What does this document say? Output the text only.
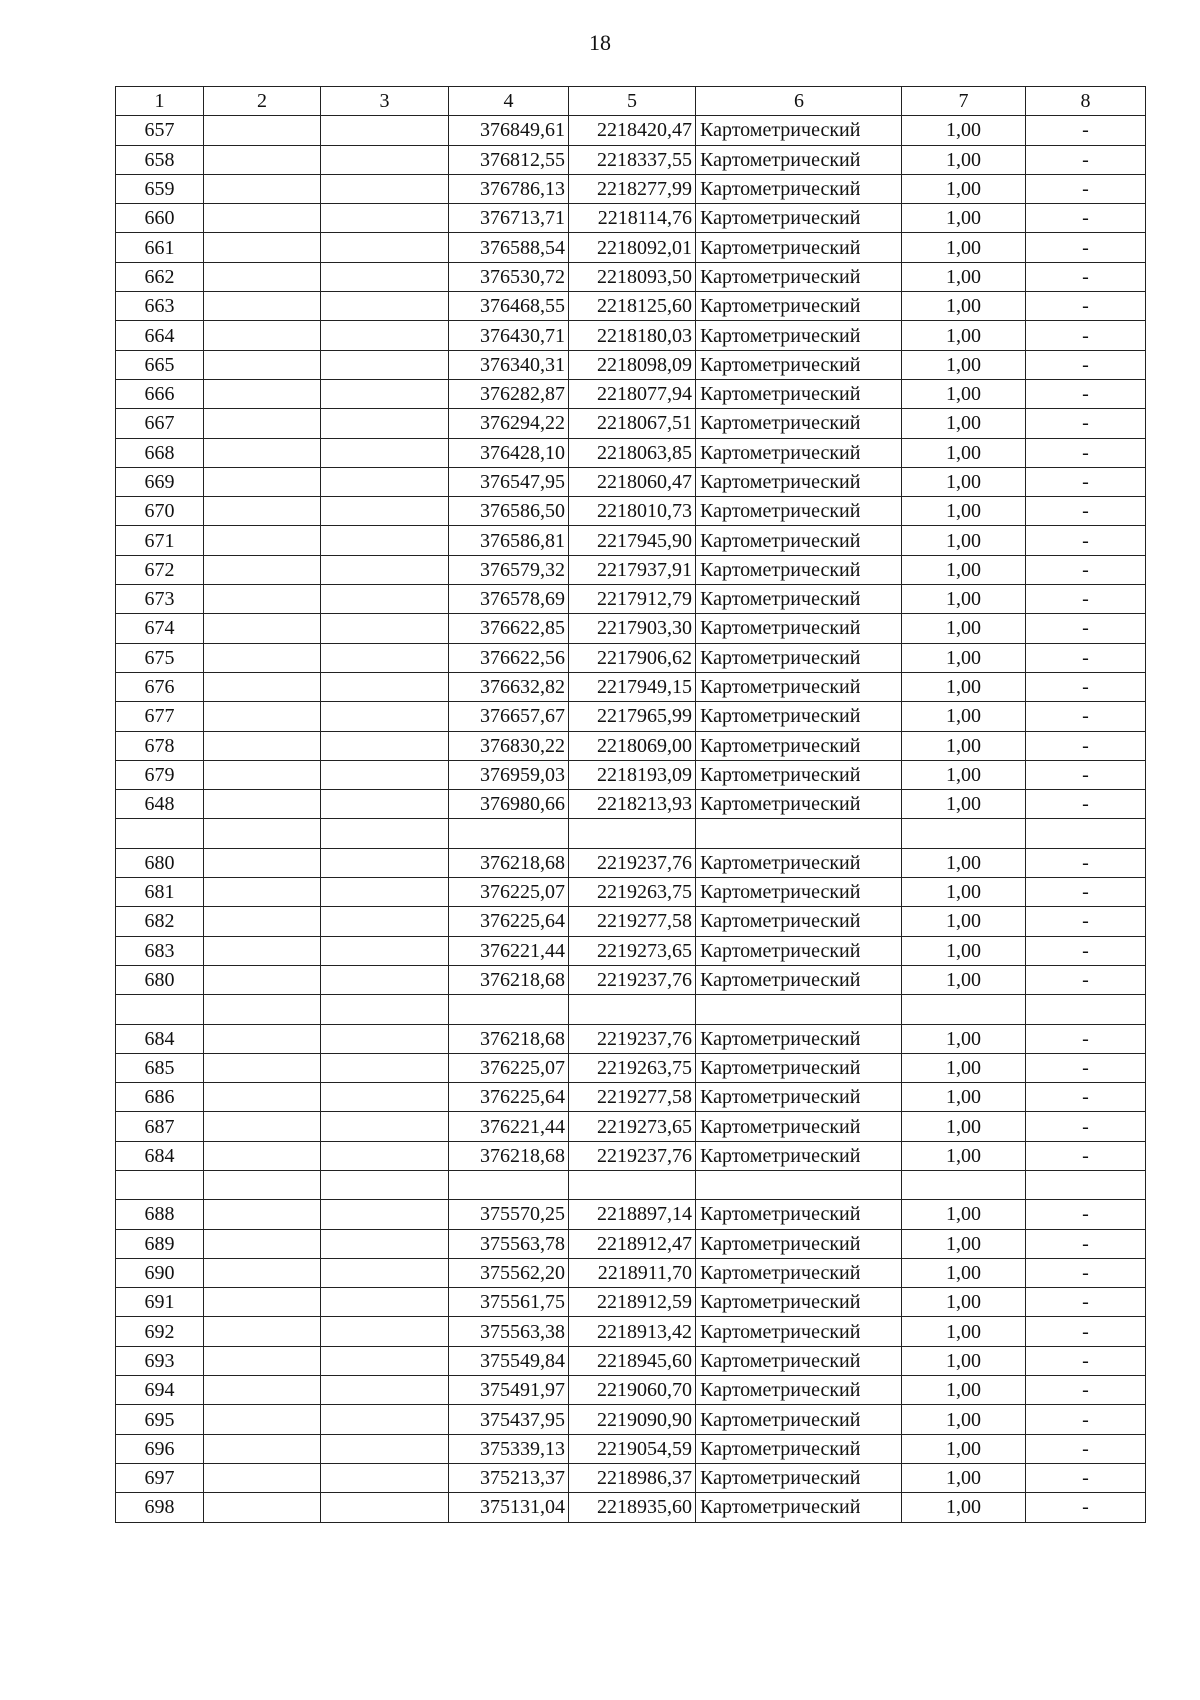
18
1	2	3	4	5	6	7	8
657			376849,61	2218420,47	Картометрический	1,00	-
658			376812,55	2218337,55	Картометрический	1,00	-
659			376786,13	2218277,99	Картометрический	1,00	-
660			376713,71	2218114,76	Картометрический	1,00	-
661			376588,54	2218092,01	Картометрический	1,00	-
662			376530,72	2218093,50	Картометрический	1,00	-
663			376468,55	2218125,60	Картометрический	1,00	-
664			376430,71	2218180,03	Картометрический	1,00	-
665			376340,31	2218098,09	Картометрический	1,00	-
666			376282,87	2218077,94	Картометрический	1,00	-
667			376294,22	2218067,51	Картометрический	1,00	-
668			376428,10	2218063,85	Картометрический	1,00	-
669			376547,95	2218060,47	Картометрический	1,00	-
670			376586,50	2218010,73	Картометрический	1,00	-
671			376586,81	2217945,90	Картометрический	1,00	-
672			376579,32	2217937,91	Картометрический	1,00	-
673			376578,69	2217912,79	Картометрический	1,00	-
674			376622,85	2217903,30	Картометрический	1,00	-
675			376622,56	2217906,62	Картометрический	1,00	-
676			376632,82	2217949,15	Картометрический	1,00	-
677			376657,67	2217965,99	Картометрический	1,00	-
678			376830,22	2218069,00	Картометрический	1,00	-
679			376959,03	2218193,09	Картометрический	1,00	-
648			376980,66	2218213,93	Картометрический	1,00	-

680			376218,68	2219237,76	Картометрический	1,00	-
681			376225,07	2219263,75	Картометрический	1,00	-
682			376225,64	2219277,58	Картометрический	1,00	-
683			376221,44	2219273,65	Картометрический	1,00	-
680			376218,68	2219237,76	Картометрический	1,00	-

684			376218,68	2219237,76	Картометрический	1,00	-
685			376225,07	2219263,75	Картометрический	1,00	-
686			376225,64	2219277,58	Картометрический	1,00	-
687			376221,44	2219273,65	Картометрический	1,00	-
684			376218,68	2219237,76	Картометрический	1,00	-

688			375570,25	2218897,14	Картометрический	1,00	-
689			375563,78	2218912,47	Картометрический	1,00	-
690			375562,20	2218911,70	Картометрический	1,00	-
691			375561,75	2218912,59	Картометрический	1,00	-
692			375563,38	2218913,42	Картометрический	1,00	-
693			375549,84	2218945,60	Картометрический	1,00	-
694			375491,97	2219060,70	Картометрический	1,00	-
695			375437,95	2219090,90	Картометрический	1,00	-
696			375339,13	2219054,59	Картометрический	1,00	-
697			375213,37	2218986,37	Картометрический	1,00	-
698			375131,04	2218935,60	Картометрический	1,00	-
